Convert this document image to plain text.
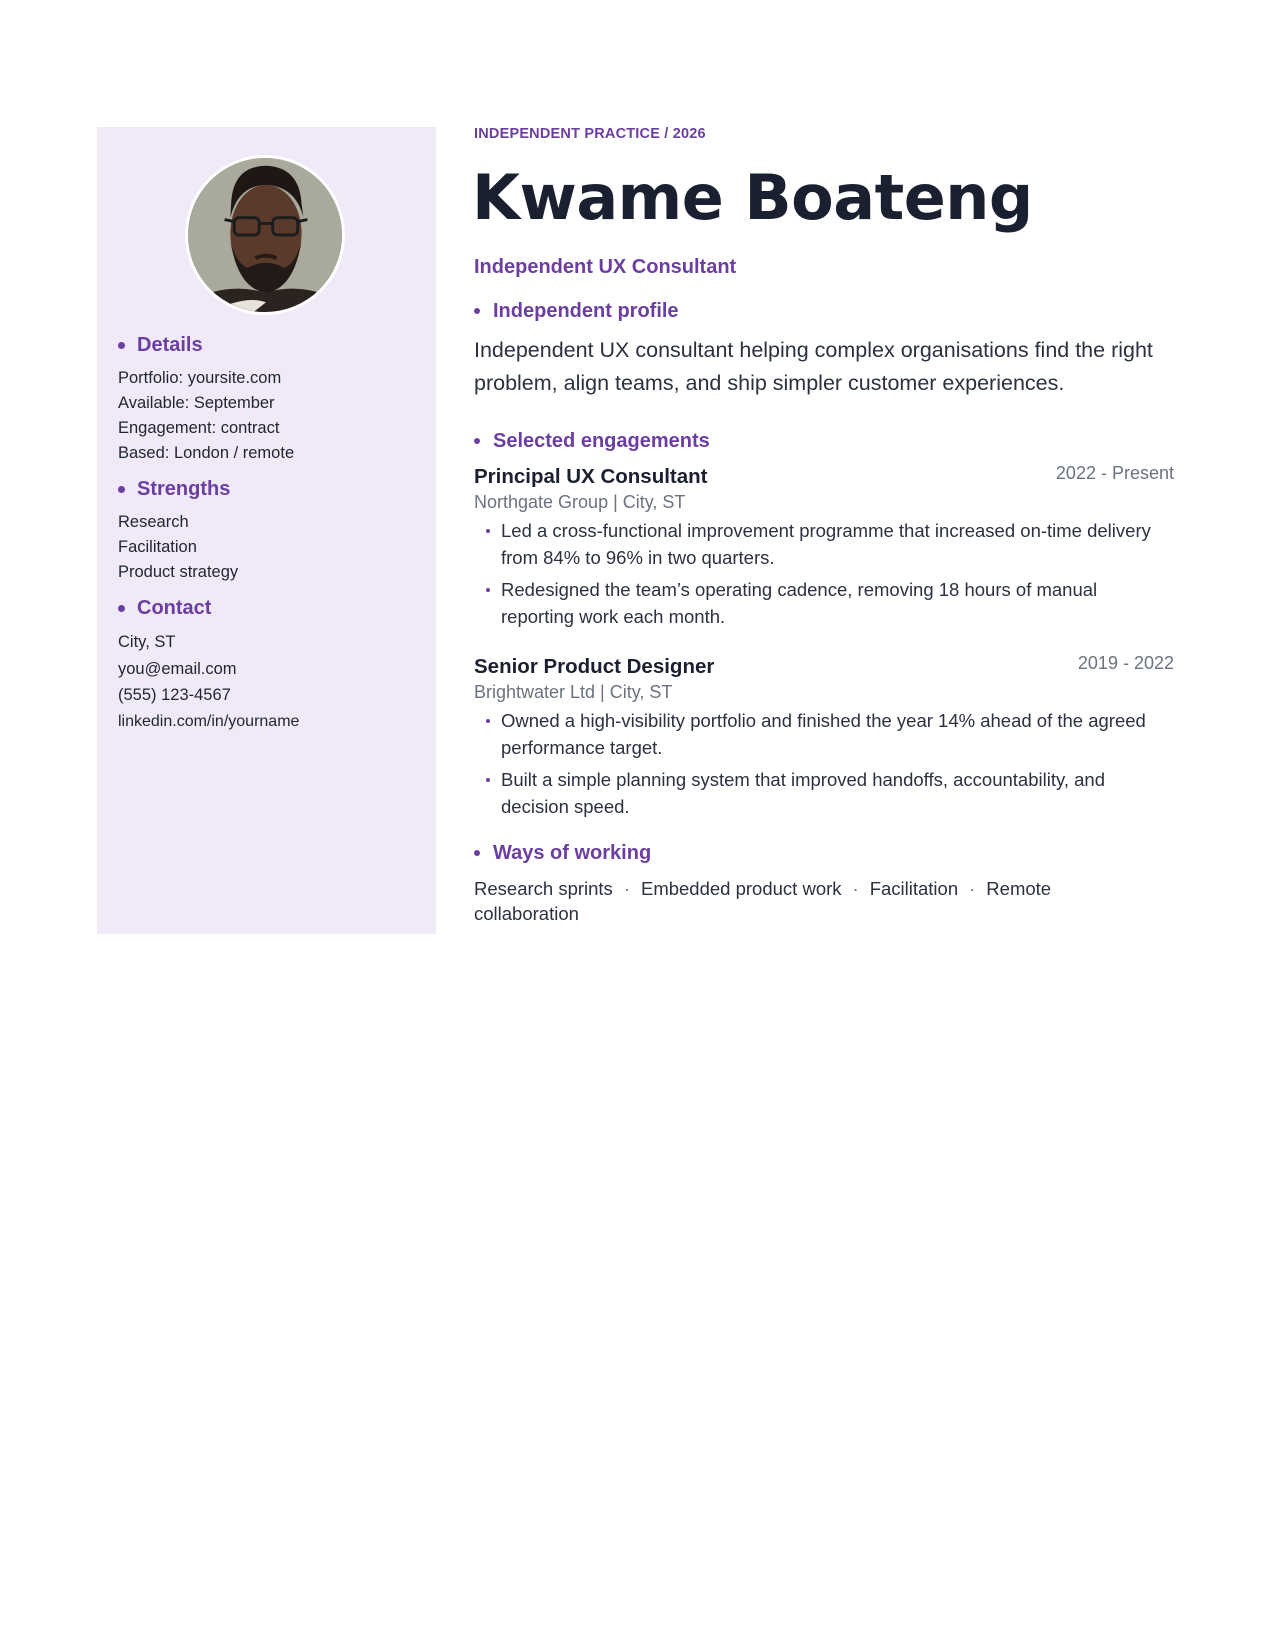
Details
Portfolio: yoursite.com
Available: September
Engagement: contract
Based: London / remote
Strengths
Research
Facilitation
Product strategy
Contact
City, ST
you@email.com
(555) 123-4567
linkedin.com/in/yourname
INDEPENDENT PRACTICE / 2026
Kwame Boateng
Independent UX Consultant
Independent profile
Independent UX consultant helping complex organisations find the right problem, align teams, and ship simpler customer experiences.
Selected engagements
Principal UX Consultant	2022 - Present
Northgate Group | City, ST
Led a cross-functional improvement programme that increased on-time delivery from 84% to 96% in two quarters.
Redesigned the team’s operating cadence, removing 18 hours of manual reporting work each month.
Senior Product Designer	2019 - 2022
Brightwater Ltd | City, ST
Owned a high-visibility portfolio and finished the year 14% ahead of the agreed performance target.
Built a simple planning system that improved handoffs, accountability, and decision speed.
Ways of working
Research sprints · Embedded product work · Facilitation · Remote collaboration
